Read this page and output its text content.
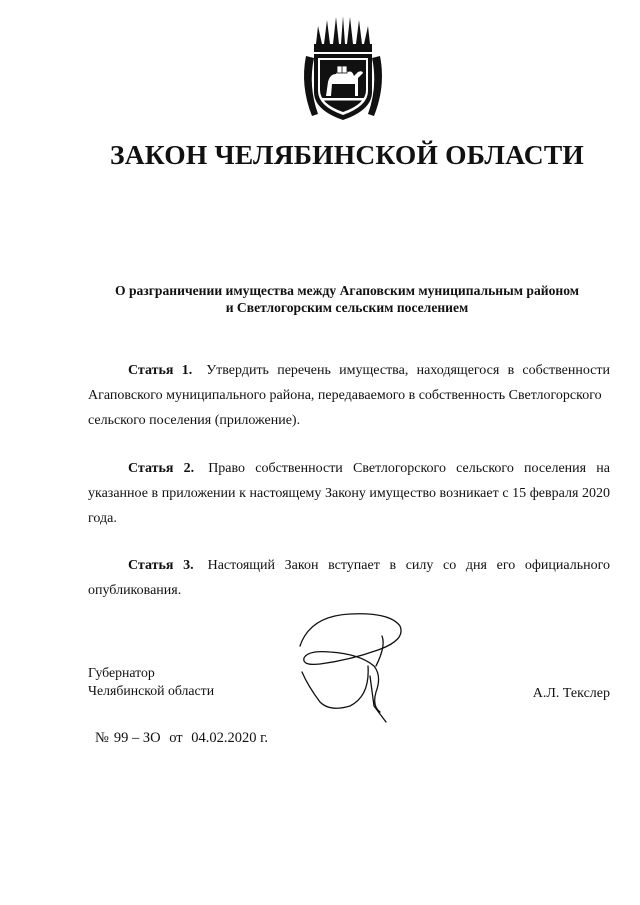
ЗАКОН ЧЕЛЯБИНСКОЙ ОБЛАСТИ
О разграничении имущества между Агаповским муниципальным районом
и Светлогорским сельским поселением
Статья 1. Утвердить перечень имущества, находящегося в собственности
Агаповского муниципального района, передаваемого в собственность Светлогорского сельского поселения (приложение).
Статья 2. Право собственности Светлогорского сельского поселения на
указанное в приложении к настоящему Закону имущество возникает с 15 февраля 2020 года.
Статья 3. Настоящий Закон вступает в силу со дня его официального
опубликования.
Губернатор
Челябинской области	А.Л. Текслер
№ 99 – ЗО от 04.02.2020 г.
